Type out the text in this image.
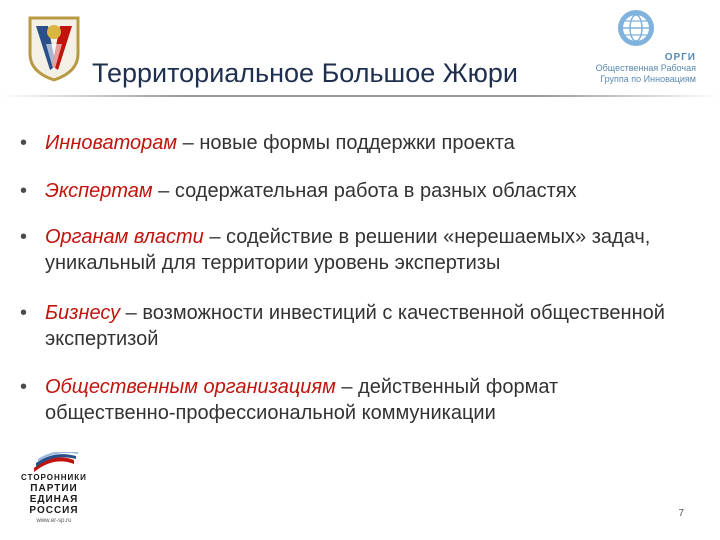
Территориальное Большое Жюри
ОРГИ
Общественная Рабочая
Группа по Инновациям
• Инноваторам – новые формы поддержки проекта
• Экспертам – содержательная работа в разных областях
• Органам власти – содействие в решении «нерешаемых» задач, уникальный для территории уровень экспертизы
• Бизнесу – возможности инвестиций с качественной общественной экспертизой
• Общественным организациям – действенный формат общественно-профессиональной коммуникации
СТОРОННИКИ
ПАРТИИ
ЕДИНАЯ
РОССИЯ
www.er-sp.ru
7
